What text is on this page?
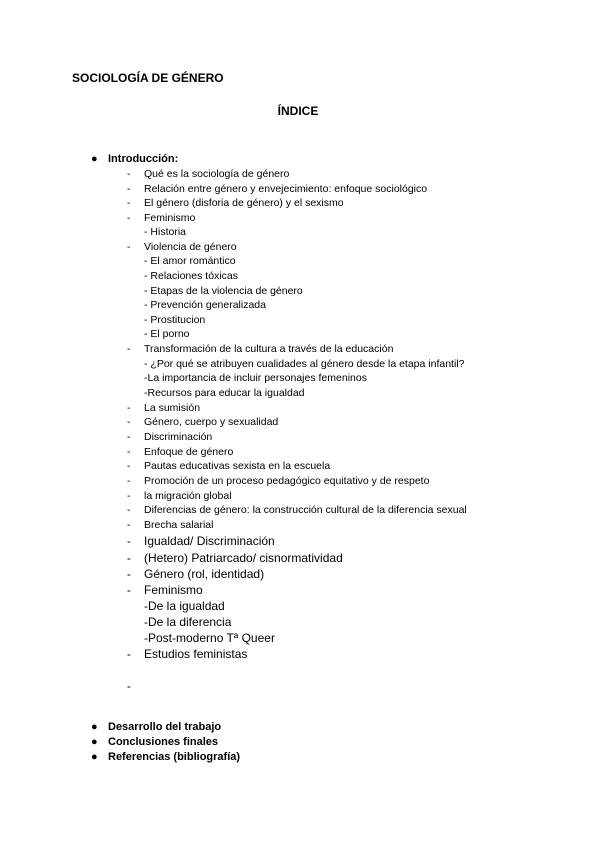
SOCIOLOGÍA DE GÉNERO
ÍNDICE
● Introducción:
- Qué es la sociología de género
- Relación entre género y envejecimiento: enfoque sociológico
- El género (disforia de género) y el sexismo
- Feminismo
- Historia
- Violencia de género
- El amor romántico
- Relaciones tóxicas
- Etapas de la violencia de género
- Prevención generalizada
- Prostitucion
- El porno
- Transformación de la cultura a través de la educación
- ¿Por qué se atribuyen cualidades al género desde la etapa infantil?
-La importancia de incluir personajes femeninos
-Recursos para educar la igualdad
- La sumisión
- Género, cuerpo y sexualidad
- Discriminación
- Enfoque de género
- Pautas educativas sexista en la escuela
- Promoción de un proceso pedagógico equitativo y de respeto
- la migración global
- Diferencias de género: la construcción cultural de la diferencia sexual
- Brecha salarial
- Igualdad/ Discriminación
- (Hetero) Patriarcado/ cisnormatividad
- Género (rol, identidad)
- Feminismo
-De la igualdad
-De la diferencia
-Post-moderno Tª Queer
- Estudios feministas
-
● Desarrollo del trabajo
● Conclusiones finales
● Referencias (bibliografía)
